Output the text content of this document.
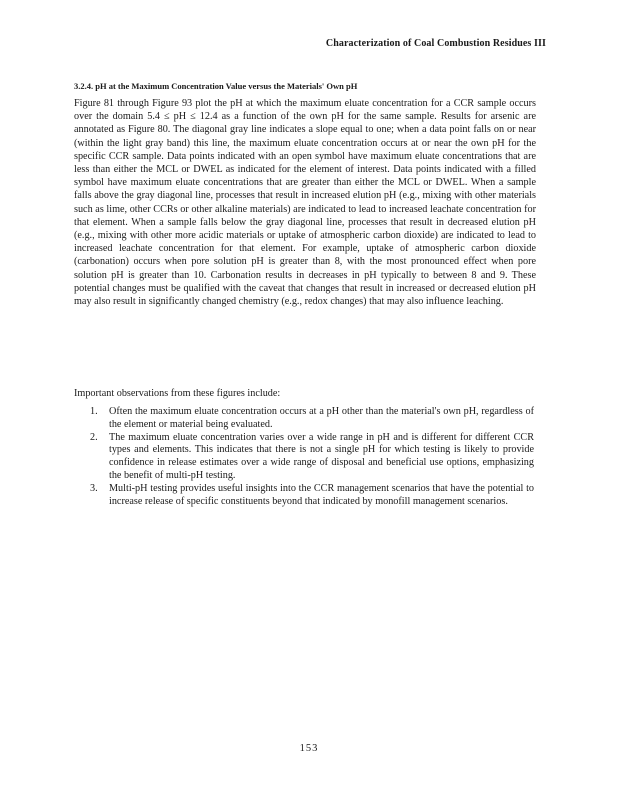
Characterization of Coal Combustion Residues III
3.2.4. pH at the Maximum Concentration Value versus the Materials' Own pH

Figure 81 through Figure 93 plot the pH at which the maximum eluate concentration for a CCR sample occurs over the domain 5.4 ≤ pH ≤ 12.4 as a function of the own pH for the same sample. Results for arsenic are annotated as Figure 80. The diagonal gray line indicates a slope equal to one; when a data point falls on or near (within the light gray band) this line, the maximum eluate concentration occurs at or near the own pH for the specific CCR sample. Data points indicated with an open symbol have maximum eluate concentrations that are less than either the MCL or DWEL as indicated for the element of interest. Data points indicated with a filled symbol have maximum eluate concentrations that are greater than either the MCL or DWEL. When a sample falls above the gray diagonal line, processes that result in increased elution pH (e.g., mixing with other materials such as lime, other CCRs or other alkaline materials) are indicated to lead to increased leachate concentration for that element. When a sample falls below the gray diagonal line, processes that result in decreased elution pH (e.g., mixing with other more acidic materials or uptake of atmospheric carbon dioxide) are indicated to lead to increased leachate concentration for that element. For example, uptake of atmospheric carbon dioxide (carbonation) occurs when pore solution pH is greater than 8, with the most pronounced effect when pore solution pH is greater than 10. Carbonation results in decreases in pH typically to between 8 and 9. These potential changes must be qualified with the caveat that changes that result in increased or decreased elution pH may also result in significantly changed chemistry (e.g., redox changes) that may also influence leaching.

Important observations from these figures include:

1. Often the maximum eluate concentration occurs at a pH other than the material's own pH, regardless of the element or material being evaluated.
2. The maximum eluate concentration varies over a wide range in pH and is different for different CCR types and elements. This indicates that there is not a single pH for which testing is likely to provide confidence in release estimates over a wide range of disposal and beneficial use options, emphasizing the benefit of multi-pH testing.
3. Multi-pH testing provides useful insights into the CCR management scenarios that have the potential to increase release of specific constituents beyond that indicated by monofill management scenarios.
153
